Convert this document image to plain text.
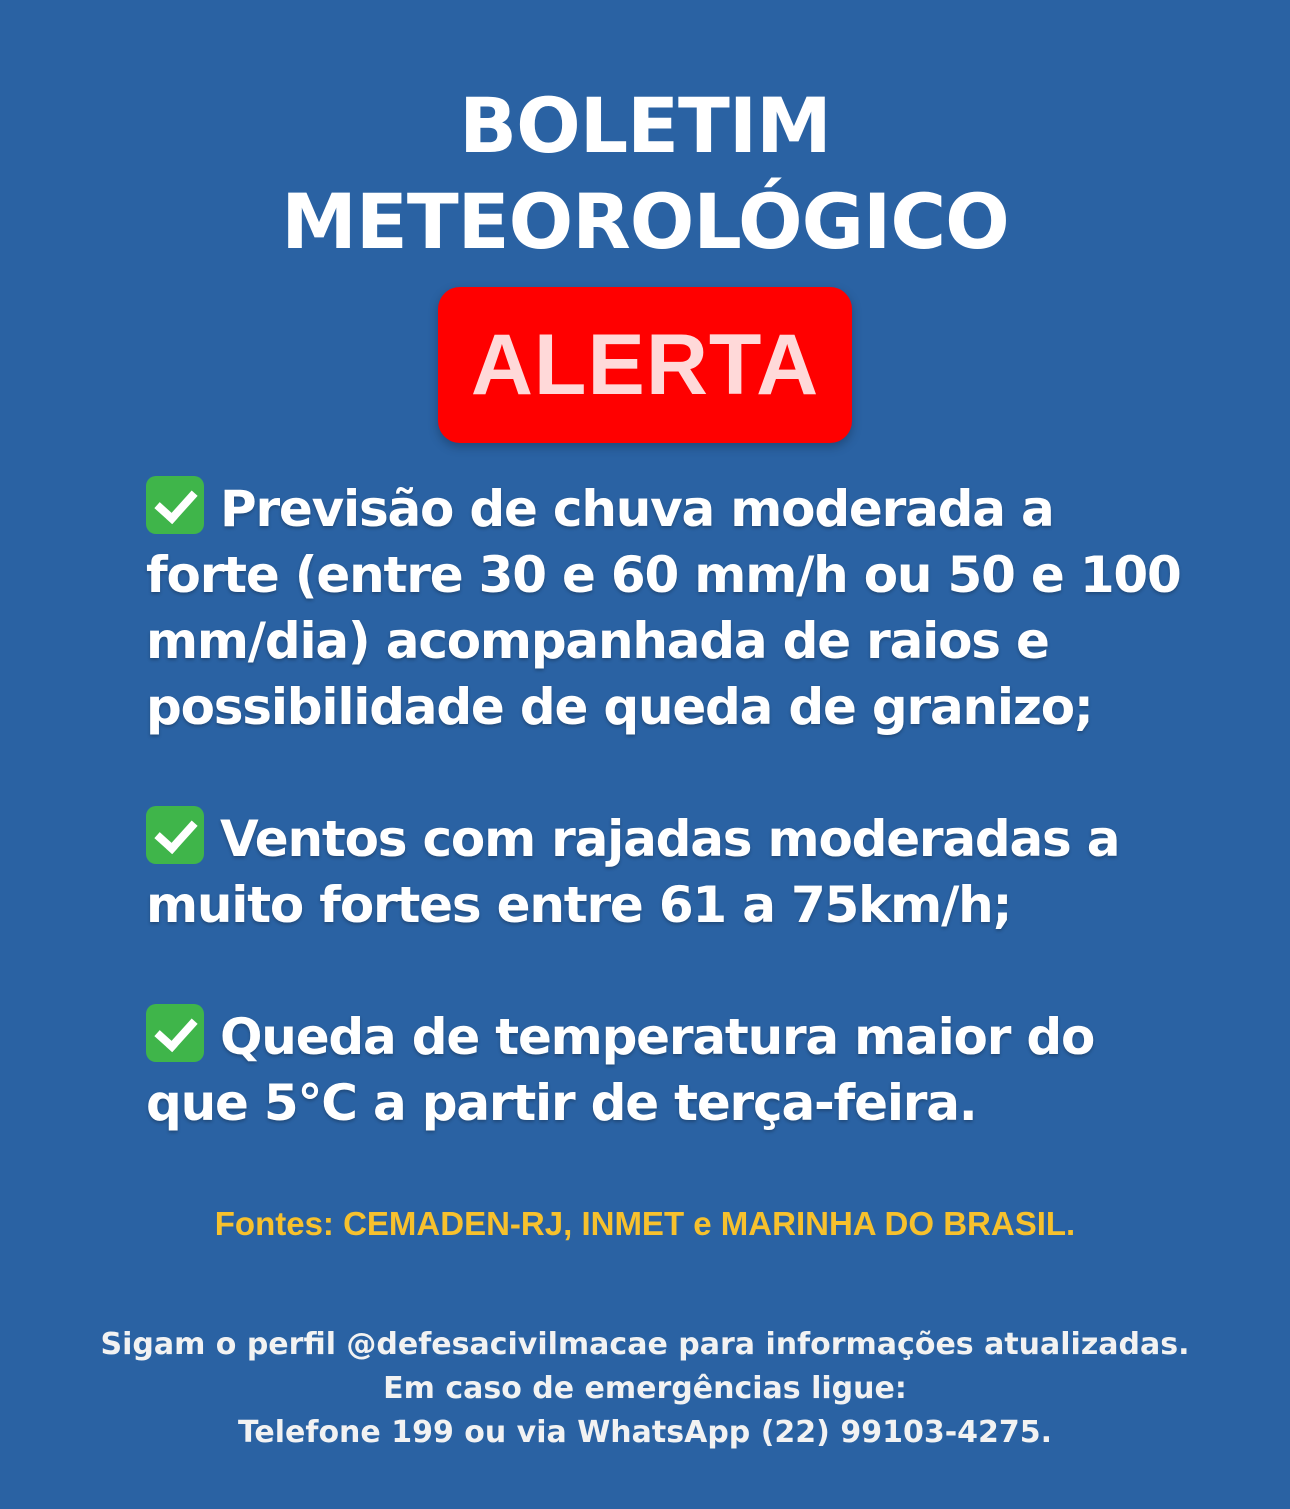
BOLETIM
METEOROLÓGICO
ALERTA
Previsão de chuva moderada a forte (entre 30 e 60 mm/h ou 50 e 100 mm/dia) acompanhada de raios e possibilidade de queda de granizo;
Ventos com rajadas moderadas a muito fortes entre 61 a 75km/h;
Queda de temperatura maior do que 5°C a partir de terça-feira.

Fontes: CEMADEN-RJ, INMET e MARINHA DO BRASIL.

Sigam o perfil @defesacivilmacae para informações atualizadas.

Em caso de emergências ligue:

Telefone 199 ou via WhatsApp (22) 99103-4275.
